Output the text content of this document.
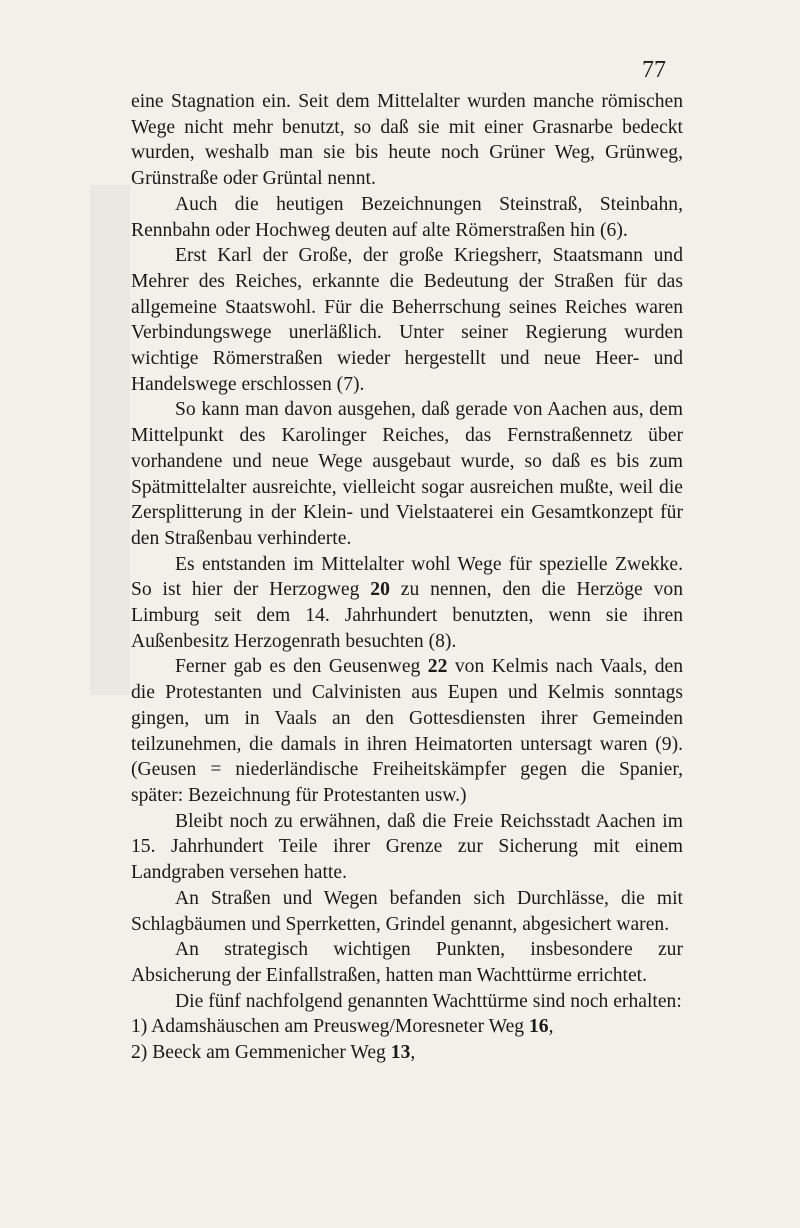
77

eine Stagnation ein. Seit dem Mittelalter wurden manche römischen Wege nicht mehr benutzt, so daß sie mit einer Grasnarbe bedeckt wurden, weshalb man sie bis heute noch Grüner Weg, Grünweg, Grünstraße oder Grüntal nennt.

Auch die heutigen Bezeichnungen Steinstraß, Steinbahn, Rennbahn oder Hochweg deuten auf alte Römerstraßen hin (6).

Erst Karl der Große, der große Kriegsherr, Staatsmann und Mehrer des Reiches, erkannte die Bedeutung der Straßen für das allgemeine Staatswohl. Für die Beherrschung seines Reiches waren Verbindungswege unerläßlich. Unter seiner Regierung wurden wichtige Römerstraßen wieder hergestellt und neue Heer- und Handelswege erschlossen (7).

So kann man davon ausgehen, daß gerade von Aachen aus, dem Mittelpunkt des Karolinger Reiches, das Fernstraßennetz über vorhandene und neue Wege ausgebaut wurde, so daß es bis zum Spätmittelalter ausreichte, vielleicht sogar ausreichen mußte, weil die Zersplitterung in der Klein- und Vielstaaterei ein Gesamtkonzept für den Straßenbau verhinderte.

Es entstanden im Mittelalter wohl Wege für spezielle Zwekke. So ist hier der Herzogweg 20 zu nennen, den die Herzöge von Limburg seit dem 14. Jahrhundert benutzten, wenn sie ihren Außenbesitz Herzogenrath besuchten (8).

Ferner gab es den Geusenweg 22 von Kelmis nach Vaals, den die Protestanten und Calvinisten aus Eupen und Kelmis sonntags gingen, um in Vaals an den Gottesdiensten ihrer Gemeinden teilzunehmen, die damals in ihren Heimatorten untersagt waren (9). (Geusen = niederländische Freiheitskämpfer gegen die Spanier, später: Bezeichnung für Protestanten usw.)

Bleibt noch zu erwähnen, daß die Freie Reichsstadt Aachen im 15. Jahrhundert Teile ihrer Grenze zur Sicherung mit einem Landgraben versehen hatte.

An Straßen und Wegen befanden sich Durchlässe, die mit Schlagbäumen und Sperrketten, Grindel genannt, abgesichert waren.

An strategisch wichtigen Punkten, insbesondere zur Absicherung der Einfallstraßen, hatten man Wachttürme errichtet.

Die fünf nachfolgend genannten Wachttürme sind noch erhalten:

1) Adamshäuschen am Preusweg/Moresneter Weg 16,

2) Beeck am Gemmenicher Weg 13,
